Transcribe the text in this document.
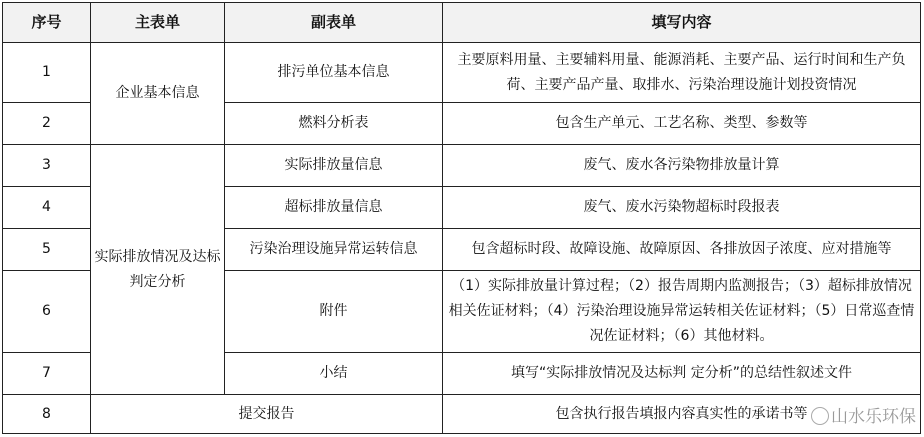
序号	主表单	副表单	填写内容
1	企业基本信息	排污单位基本信息	主要原料用量、主要辅料用量、能源消耗、主要产品、运行时间和生产负荷、主要产品产量、取排水、污染治理设施计划投资情况
2		燃料分析表	包含生产单元、工艺名称、类型、参数等
3	实际排放情况及达标判定分析	实际排放量信息	废气、废水各污染物排放量计算
4		超标排放量信息	废气、废水污染物超标时段报表
5		污染治理设施异常运转信息	包含超标时段、故障设施、故障原因、各排放因子浓度、应对措施等
6		附件	（1）实际排放量计算过程；（2）报告周期内监测报告；（3）超标排放情况相关佐证材料；（4）污染治理设施异常运转相关佐证材料；（5）日常巡查情况佐证材料；（6）其他材料。
7		小结	填写“实际排放情况及达标判 定分析”的总结性叙述文件
8	提交报告		包含执行报告填报内容真实性的承诺书等	山水乐环保
